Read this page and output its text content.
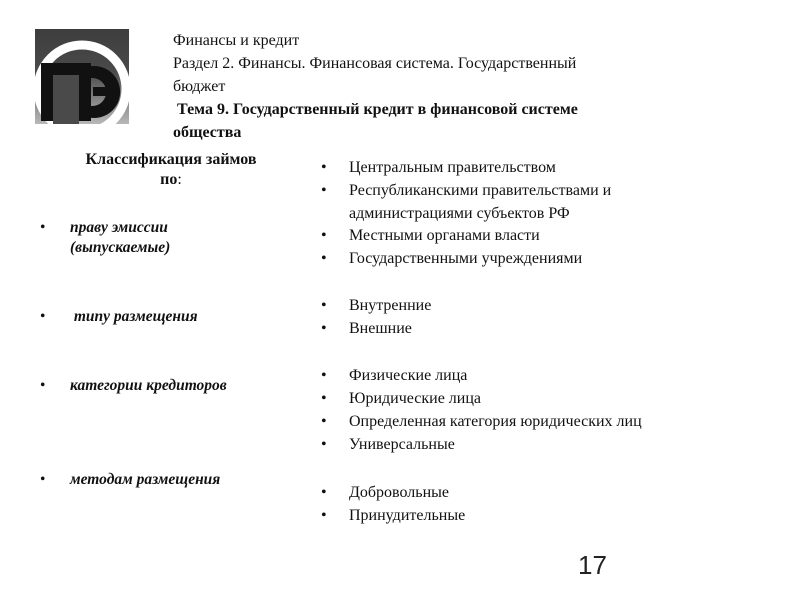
Финансы и кредит
Раздел 2. Финансы. Финансовая система. Государственный
бюджет
Тема 9. Государственный кредит в финансовой системе
общества
Классификация займов
по:
• праву эмиссии
(выпускаемые)
• типу размещения
• категории кредиторов
• методам размещения
• Центральным правительством
• Республиканскими правительствами и администрациями субъектов РФ
• Местными органами власти
• Государственными учреждениями
• Внутренние
• Внешние
• Физические лица
• Юридические лица
• Определенная категория юридических лиц
• Универсальные
• Добровольные
• Принудительные
17
